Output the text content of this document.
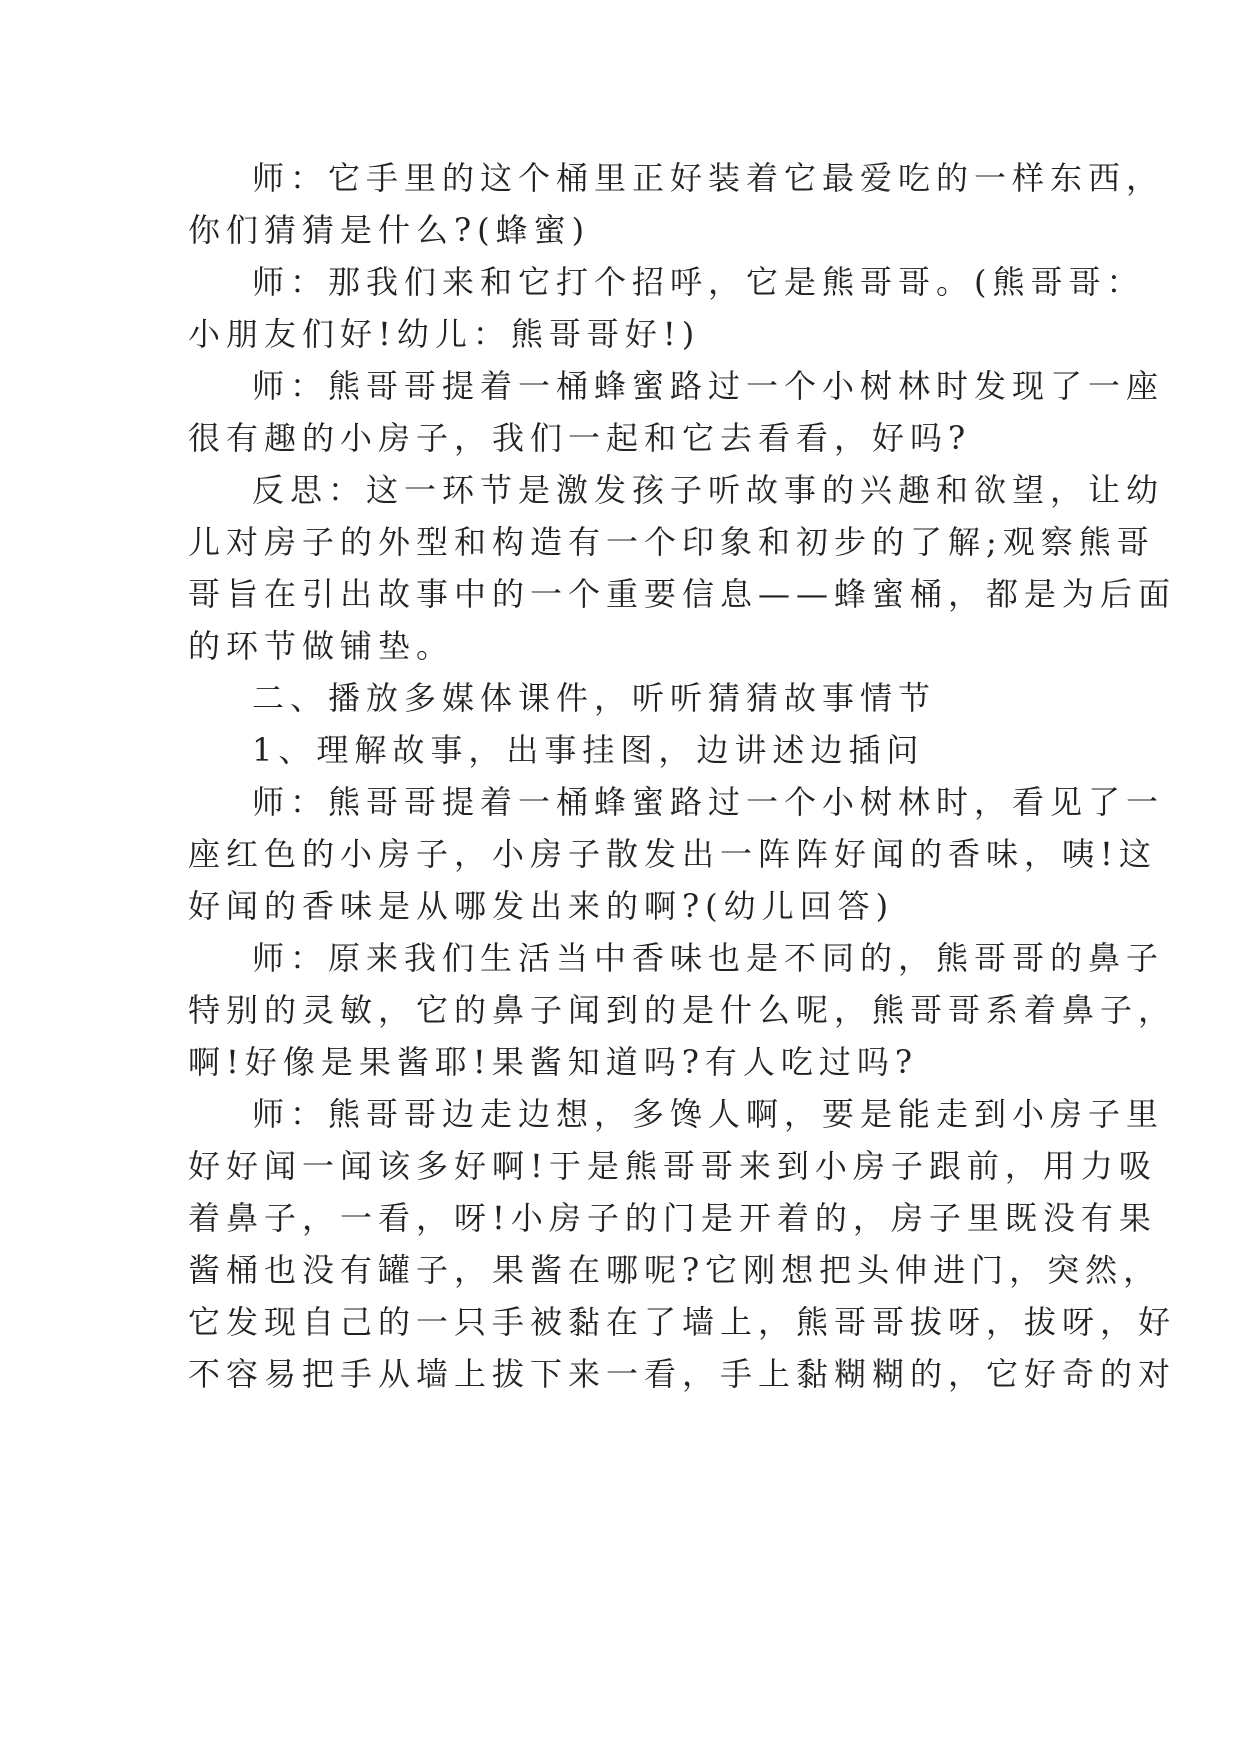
师：它手里的这个桶里正好装着它最爱吃的一样东西，
你们猜猜是什么?(蜂蜜)
师：那我们来和它打个招呼，它是熊哥哥。(熊哥哥：
小朋友们好!幼儿：熊哥哥好!)
师：熊哥哥提着一桶蜂蜜路过一个小树林时发现了一座
很有趣的小房子，我们一起和它去看看，好吗?
反思：这一环节是激发孩子听故事的兴趣和欲望，让幼
儿对房子的外型和构造有一个印象和初步的了解;观察熊哥
哥旨在引出故事中的一个重要信息——蜂蜜桶，都是为后面
的环节做铺垫。
二、播放多媒体课件，听听猜猜故事情节
1、理解故事，出事挂图，边讲述边插问
师：熊哥哥提着一桶蜂蜜路过一个小树林时，看见了一
座红色的小房子，小房子散发出一阵阵好闻的香味，咦!这
好闻的香味是从哪发出来的啊?(幼儿回答)
师：原来我们生活当中香味也是不同的，熊哥哥的鼻子
特别的灵敏，它的鼻子闻到的是什么呢，熊哥哥系着鼻子，
啊!好像是果酱耶!果酱知道吗?有人吃过吗?
师：熊哥哥边走边想，多馋人啊，要是能走到小房子里
好好闻一闻该多好啊!于是熊哥哥来到小房子跟前，用力吸
着鼻子，一看，呀!小房子的门是开着的，房子里既没有果
酱桶也没有罐子，果酱在哪呢?它刚想把头伸进门，突然，
它发现自己的一只手被黏在了墙上，熊哥哥拔呀，拔呀，好
不容易把手从墙上拔下来一看，手上黏糊糊的，它好奇的对
